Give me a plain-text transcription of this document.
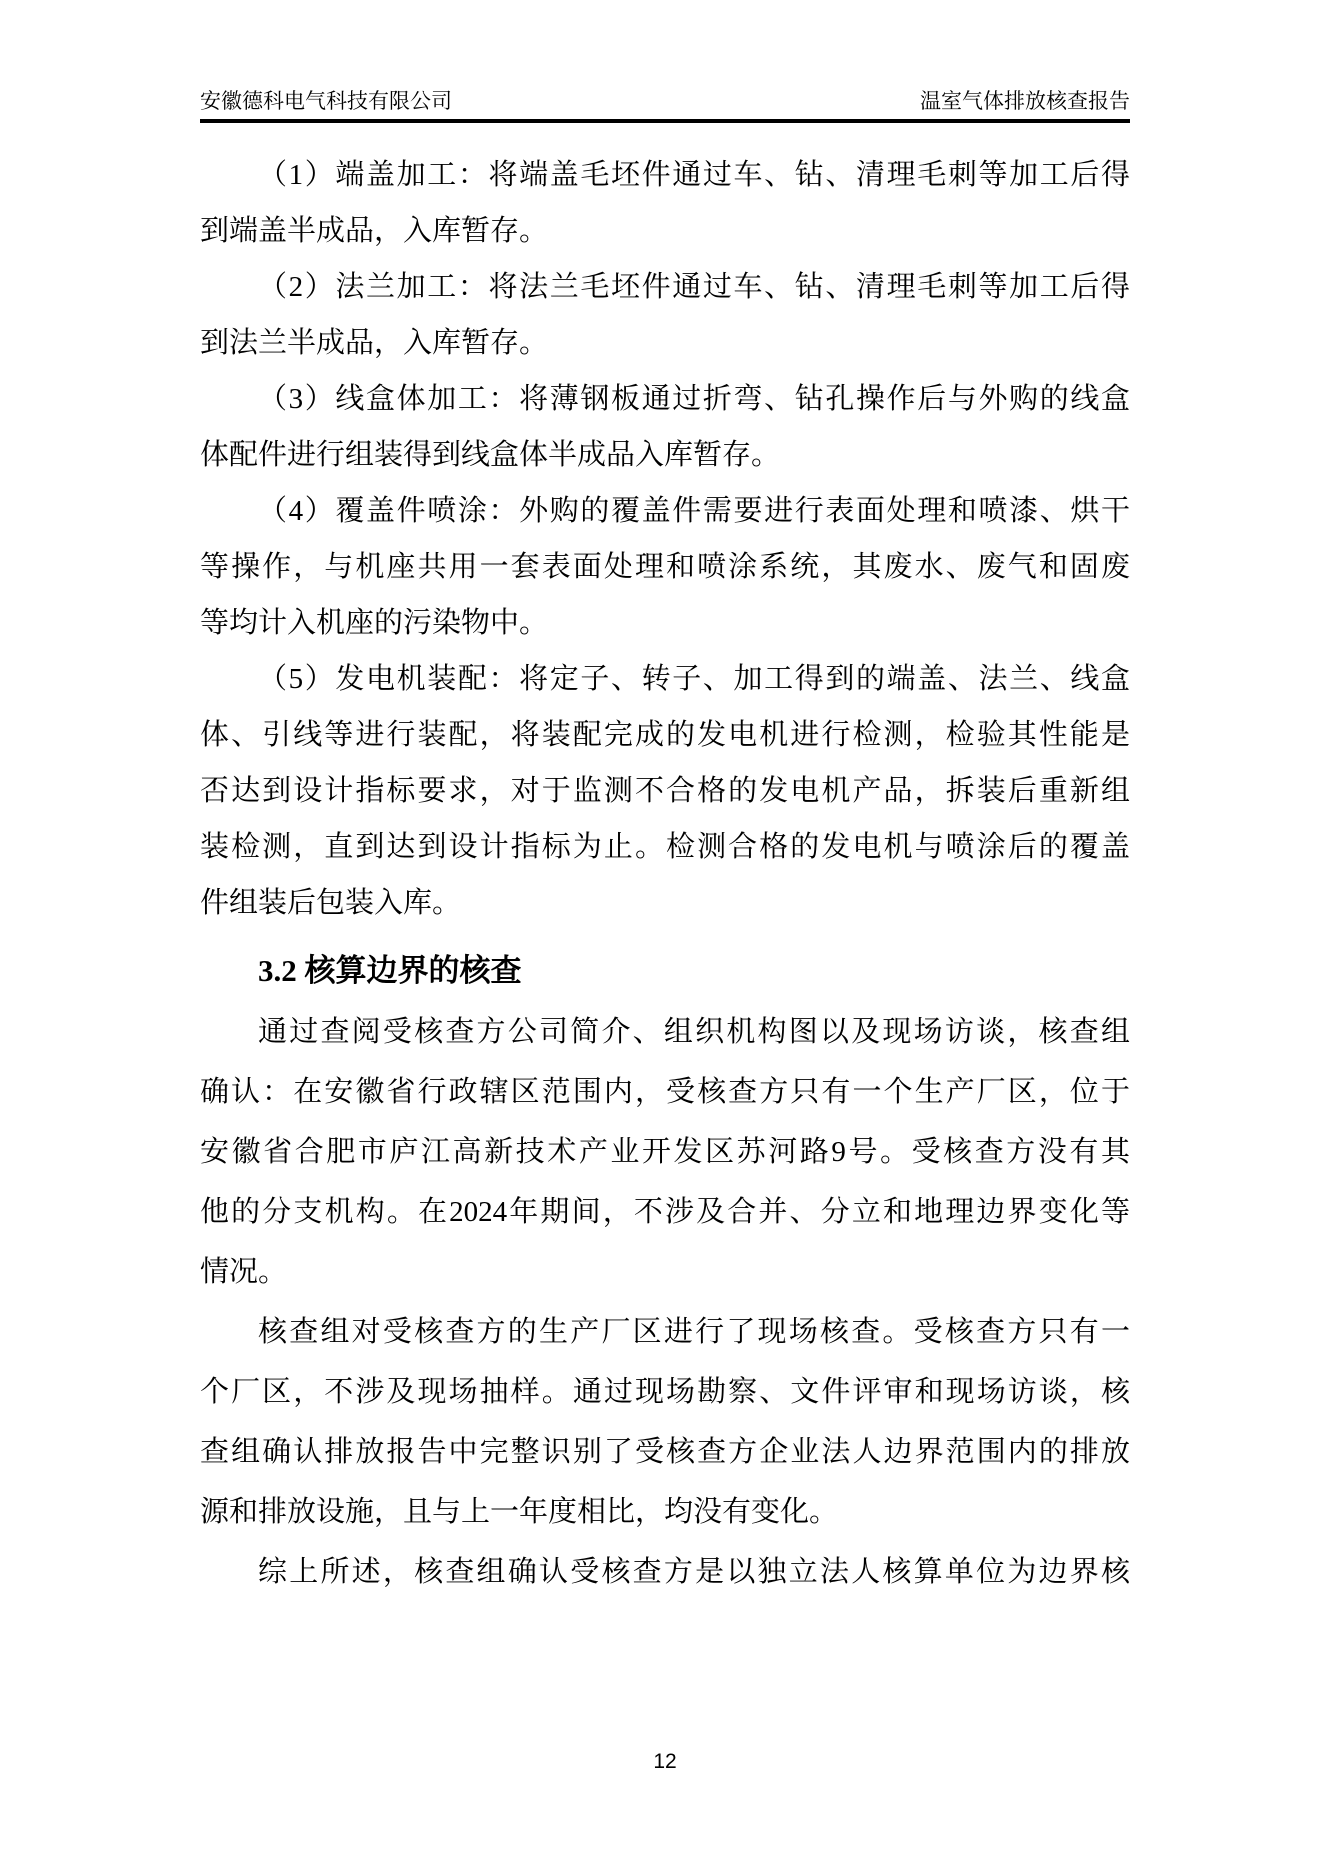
安徽德科电气科技有限公司	温室气体排放核查报告
（1）端盖加工：将端盖毛坯件通过车、钻、清理毛刺等加工后得
到端盖半成品，入库暂存。
（2）法兰加工：将法兰毛坯件通过车、钻、清理毛刺等加工后得
到法兰半成品，入库暂存。
（3）线盒体加工：将薄钢板通过折弯、钻孔操作后与外购的线盒
体配件进行组装得到线盒体半成品入库暂存。
（4）覆盖件喷涂：外购的覆盖件需要进行表面处理和喷漆、烘干
等操作，与机座共用一套表面处理和喷涂系统，其废水、废气和固废
等均计入机座的污染物中。
（5）发电机装配：将定子、转子、加工得到的端盖、法兰、线盒
体、引线等进行装配，将装配完成的发电机进行检测，检验其性能是
否达到设计指标要求，对于监测不合格的发电机产品，拆装后重新组
装检测，直到达到设计指标为止。检测合格的发电机与喷涂后的覆盖
件组装后包装入库。
3.2 核算边界的核查
通过查阅受核查方公司简介、组织机构图以及现场访谈，核查组
确认：在安徽省行政辖区范围内，受核查方只有一个生产厂区，位于
安徽省合肥市庐江高新技术产业开发区苏河路9号。受核查方没有其
他的分支机构。在2024年期间，不涉及合并、分立和地理边界变化等
情况。
核查组对受核查方的生产厂区进行了现场核查。受核查方只有一
个厂区，不涉及现场抽样。通过现场勘察、文件评审和现场访谈，核
查组确认排放报告中完整识别了受核查方企业法人边界范围内的排放
源和排放设施，且与上一年度相比，均没有变化。
综上所述，核查组确认受核查方是以独立法人核算单位为边界核
12
